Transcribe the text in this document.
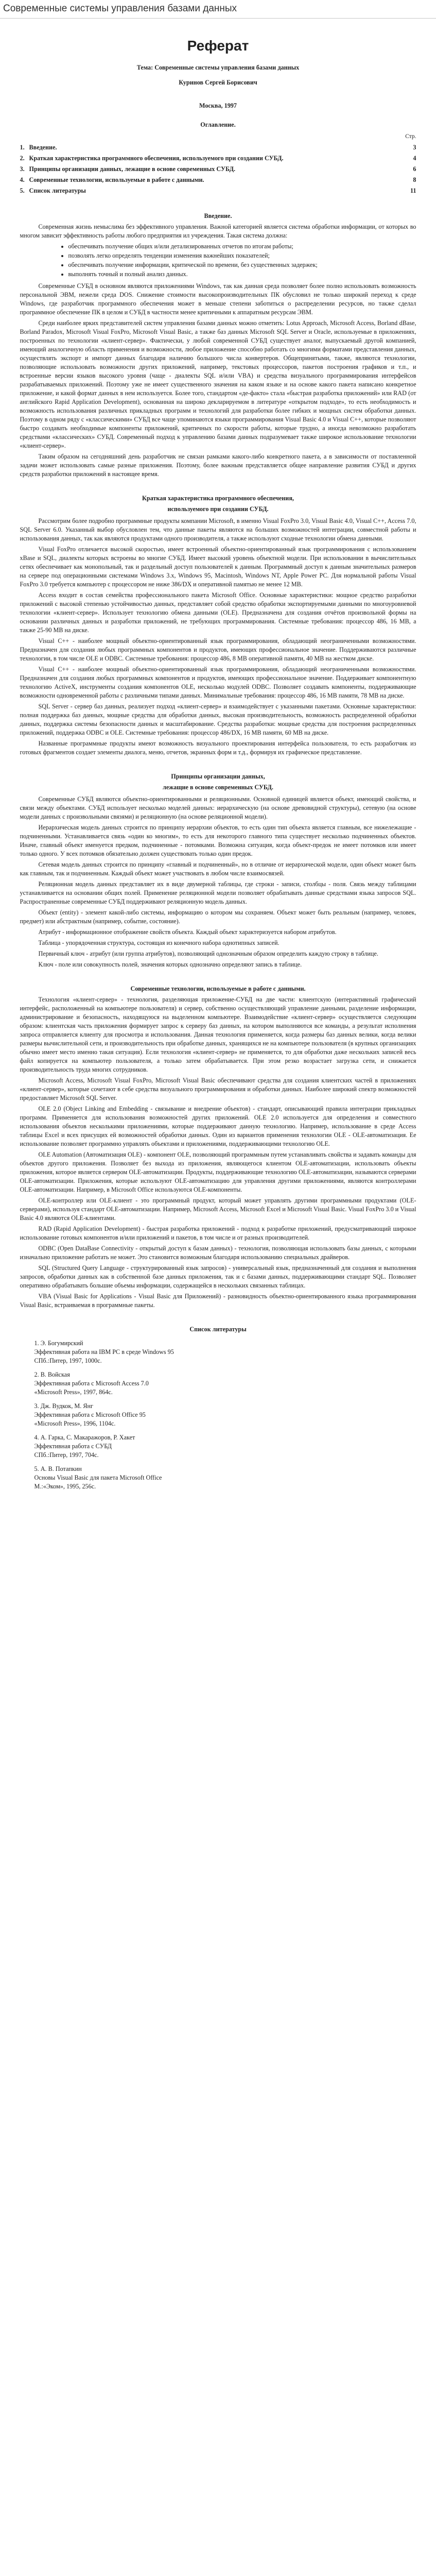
Современные системы управления базами данных
Реферат

Тема: Современные системы управления базами данных

Куринов Сергей Борисович

Москва, 1997

Оглавление.

Стр.

1.	Введение.	3
2.	Краткая характеристика программного обеспечения, используемого при создании СУБД.	4
3.	Принципы организации данных, лежащие в основе современных СУБД.	6
4.	Современные технологии, используемые в работе с данными.	8
5.	Список литературы	11

Введение.

Современная жизнь немыслима без эффективного управления. Важной категорией является система обработки информации, от которых во многом зависит эффективность работы любого предприятия ил учреждения. Такая система должна:

• обеспечивать получение общих и/или детализированных отчетов по итогам работы;
• позволять легко определять тенденции изменения важнейших показателей;
• обеспечивать получение информации, критической по времени, без существенных задержек;
• выполнять точный и полный анализ данных.

Современные СУБД в основном являются приложениями Windows, так как данная среда позволяет более полно использовать возможность персональной ЭВМ, нежели среда DOS. Снижение стоимости высокопроизводительных ПК обусловил не только широкий переход к среде Windows, где разработчик программного обеспечения может в меньше степени заботиться о распределении ресурсов, но также сделал программное обеспечение ПК в целом и СУБД в частности менее критичными к аппаратным ресурсам ЭВМ.

Среди наиболее ярких представителей систем управления базами данных можно отметить: Lotus Approach, Microsoft Access, Borland dBase, Borland Paradox, Microsoft Visual FoxPro, Microsoft Visual Basic, а также баз данных Microsoft SQL Server и Oracle, используемые в приложениях, построенных по технологии «клиент-сервер». Фактически, у любой современной СУБД существует аналог, выпускаемый другой компанией, имеющий аналогичную область применения и возможности, любое приложение способно работать со многими форматами представления данных, осуществлять экспорт и импорт данных благодаря наличию большого числа конвертеров. Общепринятыми, также, являются технологии, позволяющие использовать возможности других приложений, например, текстовых процессоров, пакетов построения графиков и т.п., и встроенные версии языков высокого уровня (чаще - диалекты SQL и/или VBA) и средства визуального программирования интерфейсов разрабатываемых приложений. Поэтому уже не имеет существенного значения на каком языке и на основе какого пакета написано конкретное приложение, и какой формат данных в нем используется. Более того, стандартом «де-факто» стала «быстрая разработка приложений» или RAD (от английского Rapid Application Development), основанная на широко декларируемом в литературе «открытом подходе», то есть необходимость и возможность использования различных прикладных программ и технологий для разработки более гибких и мощных систем обработки данных. Поэтому в одном ряду с «классическими» СУБД все чаще упоминаются языки программирования Visual Basic 4.0 и Visual C++, которые позволяют быстро создавать необходимые компоненты приложений, критичных по скорости работы, которые трудно, а иногда невозможно разработать средствами «классических» СУБД. Современный подход к управлению базами данных подразумевает также широкое использование технологии «клиент-сервер».

Таким образом на сегодняшний день разработчик не связан рамками какого-либо конкретного пакета, а в зависимости от поставленной задачи может использовать самые разные приложения. Поэтому, более важным представляется общее направление развития СУБД и других средств разработки приложений в настоящее время.

Краткая характеристика программного обеспечения,

используемого при создании СУБД.

Рассмотрим более подробно программные продукты компании Microsoft, в именно Visual FoxPro 3.0, Visual Basic 4.0, Visual C++, Access 7.0, SQL Server 6.0. Указанный выбор обусловлен тем, что данные пакеты являются на больших возможностей интеграции, совместной работы и использования данных, так как являются продуктами одного производителя, а также используют сходные технологии обмена данными.

Visual FoxPro отличается высокой скоростью, имеет встроенный объектно-ориентированный язык программирования с использованием xBase и SQL, диалекты которых встроены во многие СУБД. Имеет высокий уровень объектной модели. При использовании в вычислительных сетях обеспечивает как монопольный, так и раздельный доступ пользователей к данным. Программный доступ к данным значительных размеров на сервере под операционными системами Windows 3.x, Windows 95, Macintosh, Windows NT, Apple Power PC. Для нормальной работы Visual FoxPro 3.0 требуется компьютер с процессором не ниже 386/DX и оперативной памятью не менее 12 МВ.

Access входит в состав семейства профессионального пакета Microsoft Office. Основные характеристики: мощное средство разработки приложений с высокой степенью устойчивостью данных, представляет собой средство обработки экспортируемыми данными по многоуровневой технологии «клиент-сервер». Использует технологию обмена данными (OLE). Предназначена для создания отчётов произвольной формы на основании различных данных и разработки приложений, не требующих программирования. Системные требования: процессор 486, 16 МВ, а также 25-90 МВ на диске.

Visual C++ - наиболее мощный объектно-ориентированный язык программирования, обладающий неограниченными возможностями. Предназначен для создания любых программных компонентов и продуктов, имеющих профессиональное значение. Поддерживаются различные технологии, в том числе OLE и ODBC. Системные требования: процессор 486, 8 МВ оперативной памяти, 40 МВ на жестком диске.

Visual C++ - наиболее мощный объектно-ориентированный язык программирования, обладающий неограниченными возможностями. Предназначен для создания любых программных компонентов и продуктов, имеющих профессиональное значение. Поддерживает компонентную технологию ActiveX, инструменты создания компонентов OLE, несколько модулей ODBC. Позволяет создавать компоненты, поддерживающие возможности одновременной работы с различными типами данных. Минимальные требования: процессор 486, 16 МВ памяти, 78 МВ на диске.

SQL Server - сервер баз данных, реализует подход «клиент-сервер» и взаимодействует с указанными пакетами. Основные характеристики: полная поддержка баз данных, мощные средства для обработки данных, высокая производительность, возможность распределенной обработки данных, поддержка системы безопасности данных и масштабирование. Средства разработки: мощные средства для построения распределенных приложений, поддержка ODBC и OLE. Системные требования: процессор 486/DX, 16 МВ памяти, 60 МВ на диске.

Названные программные продукты имеют возможность визуального проектирования интерфейса пользователя, то есть разработчик из готовых фрагментов создает элементы диалога, меню, отчетов, экранных форм и т.д., формируя их графическое представление.

Принципы организации данных,

лежащие в основе современных СУБД.

Современные СУБД являются объектно-ориентированными и реляционными. Основной единицей является объект, имеющий свойства, и связи между объектами. СУБД использует несколько моделей данных: иерархическую (на основе древовидной структуры), сетевую (на основе модели данных с произвольными связями) и реляционную (на основе реляционной модели).

Иерархическая модель данных строится по принципу иерархии объектов, то есть один тип объекта является главным, все нижележащие - подчиненными. Устанавливается связь «один ко многим», то есть для некоторого главного типа существует несколько подчиненных объектов. Иначе, главный объект именуется предком, подчиненные - потомками. Возможна ситуация, когда объект-предок не имеет потомков или имеет только одного. У всех потомков обязательно должен существовать только один предок.

Сетевая модель данных строится по принципу «главный и подчиненный», но в отличие от иерархической модели, один объект может быть как главным, так и подчиненным. Каждый объект может участвовать в любом числе взаимосвязей.

Реляционная модель данных представляет их в виде двумерной таблицы, где строки - записи, столбцы - поля. Связь между таблицами устанавливается на основании общих полей. Применение реляционной модели позволяет обрабатывать данные средствами языка запросов SQL. Распространенные современные СУБД поддерживают реляционную модель данных.

Объект (entity) - элемент какой-либо системы, информацию о котором мы сохраняем. Объект может быть реальным (например, человек, предмет) или абстрактным (например, событие, состояние).

Атрибут - информационное отображение свойств объекта. Каждый объект характеризуется набором атрибутов.

Таблица - упорядоченная структура, состоящая из конечного набора однотипных записей.

Первичный ключ - атрибут (или группа атрибутов), позволяющий однозначным образом определить каждую строку в таблице.

Ключ - поле или совокупность полей, значения которых однозначно определяют запись в таблице.

Современные технологии, используемые в работе с данными.

Технология «клиент-сервер» - технология, разделяющая приложение-СУБД на две части: клиентскую (интерактивный графический интерфейс, расположенный на компьютере пользователя) и сервер, собственно осуществляющий управление данными, разделение информации, администрирование и безопасность, находящуюся на выделенном компьютере. Взаимодействие «клиент-сервер» осуществляется следующим образом: клиентская часть приложения формирует запрос к серверу баз данных, на котором выполняются все команды, а результат исполнения запроса отправляется клиенту для просмотра и использования. Данная технология применяется, когда размеры баз данных велики, когда велики размеры вычислительной сети, и производительность при обработке данных, хранящихся не на компьютере пользователя (в крупных организациях обычно имеет место именно такая ситуация). Если технология «клиент-сервер» не применяется, то для обработки даже нескольких записей весь файл копируется на компьютер пользователя, а только затем обрабатывается. При этом резко возрастает загрузка сети, и снижается производительность труда многих сотрудников.

Microsoft Access, Microsoft Visual FoxPro, Microsoft Visual Basic обеспечивают средства для создания клиентских частей в приложениях «клиент-сервер», которые сочетают в себе средства визуального программирования и обработки данных. Наиболее широкий спектр возможностей предоставляет Microsoft SQL Server.

OLE 2.0 (Object Linking and Embedding - связывание и внедрение объектов) - стандарт, описывающий правила интеграции прикладных программ. Применяется для использования возможностей других приложений. OLE 2.0 используется для определения и совместного использования объектов несколькими приложениями, которые поддерживают данную технологию. Например, использование в среде Access таблицы Excel и всех присущих ей возможностей обработки данных. Один из вариантов применения технологии OLE - OLE-автоматизация. Ее использование позволяет программно управлять объектами и приложениями, поддерживающими технологию OLE.

OLE Automation (Автоматизация OLE) - компонент OLE, позволяющий программным путем устанавливать свойства и задавать команды для объектов другого приложения. Позволяет без выхода из приложения, являющегося клиентом OLE-автоматизации, использовать объекты приложения, которое является сервером OLE-автоматизации. Продукты, поддерживающие технологию OLE-автоматизации, называются серверами OLE-автоматизации. Приложения, которые используют OLE-автоматизацию для управления другими приложениями, являются контроллерами OLE-автоматизации. Например, в Microsoft Office используются OLE-компоненты.

OLE-контроллер или OLE-клиент - это программный продукт, который может управлять другими программными продуктами (OLE-серверами), используя стандарт OLE-автоматизации. Например, Microsoft Access, Microsoft Excel и Microsoft Visual Basic. Visual FoxPro 3.0 и Visual Basic 4.0 являются OLE-клиентами.

RAD (Rapid Application Development) - быстрая разработка приложений - подход к разработке приложений, предусматривающий широкое использование готовых компонентов и/или приложений и пакетов, в том числе и от разных производителей.

ODBC (Open DataBase Connectivity - открытый доступ к базам данных) - технология, позволяющая использовать базы данных, с которыми изначально приложение работать не может. Это становится возможным благодаря использованию специальных драйверов.

SQL (Structured Query Language - структурированный язык запросов) - универсальный язык, предназначенный для создания и выполнения запросов, обработки данных как в собственной базе данных приложения, так и с базами данных, поддерживающими стандарт SQL. Позволяет оперативно обрабатывать большие объемы информации, содержащейся в нескольких связанных таблицах.

VBA (Visual Basic for Applications - Visual Basic для Приложений) - разновидность объектно-ориентированного языка программирования Visual Basic, встраиваемая в программные пакеты.

Список литературы

1. Э. Богумирский
Эффективная работа на IBM PC в среде Windows 95
СПб.:Питер, 1997, 1000с.
2. В. Войская
Эффективная работа с Microsoft Access 7.0
«Microsoft Press», 1997, 864с.
3. Дж. Вудкок, М. Янг
Эффективная работа с Microsoft Office 95
«Microsoft Press», 1996, 1104с.
4. А. Гарка, С. Макаражоров, Р. Хакет
Эффективная работа с СУБД
СПб.:Питер, 1997, 704с.
5. А. В. Потапкин
Основы Visual Basic для пакета Microsoft Office
М.:«Эком», 1995, 256с.
